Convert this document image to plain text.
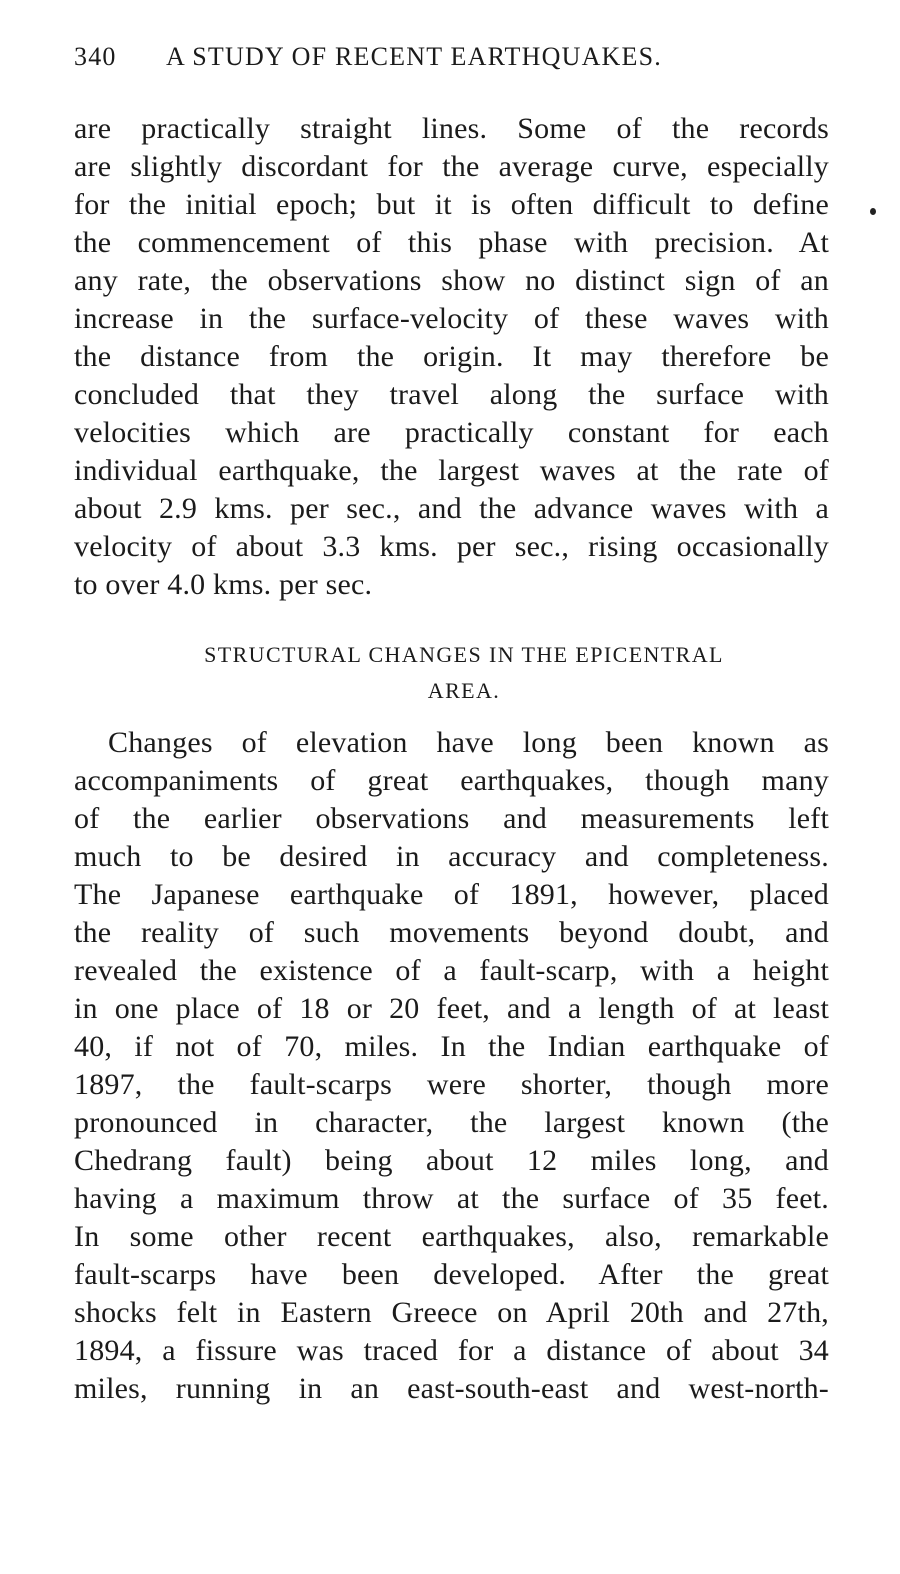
340 A STUDY OF RECENT EARTHQUAKES.
are practically straight lines. Some of the records
are slightly discordant for the average curve, especially
for the initial epoch; but it is often difficult to define
the commencement of this phase with precision. At
any rate, the observations show no distinct sign of an
increase in the surface-velocity of these waves with
the distance from the origin. It may therefore be
concluded that they travel along the surface with
velocities which are practically constant for each
individual earthquake, the largest waves at the rate of
about 2.9 kms. per sec., and the advance waves with a
velocity of about 3.3 kms. per sec., rising occasionally
to over 4.0 kms. per sec.
STRUCTURAL CHANGES IN THE EPICENTRAL
AREA.
Changes of elevation have long been known as
accompaniments of great earthquakes, though many
of the earlier observations and measurements left
much to be desired in accuracy and completeness.
The Japanese earthquake of 1891, however, placed
the reality of such movements beyond doubt, and
revealed the existence of a fault-scarp, with a height
in one place of 18 or 20 feet, and a length of at least
40, if not of 70, miles. In the Indian earthquake of
1897, the fault-scarps were shorter, though more
pronounced in character, the largest known (the
Chedrang fault) being about 12 miles long, and
having a maximum throw at the surface of 35 feet.
In some other recent earthquakes, also, remarkable
fault-scarps have been developed. After the great
shocks felt in Eastern Greece on April 20th and 27th,
1894, a fissure was traced for a distance of about 34
miles, running in an east-south-east and west-north-
